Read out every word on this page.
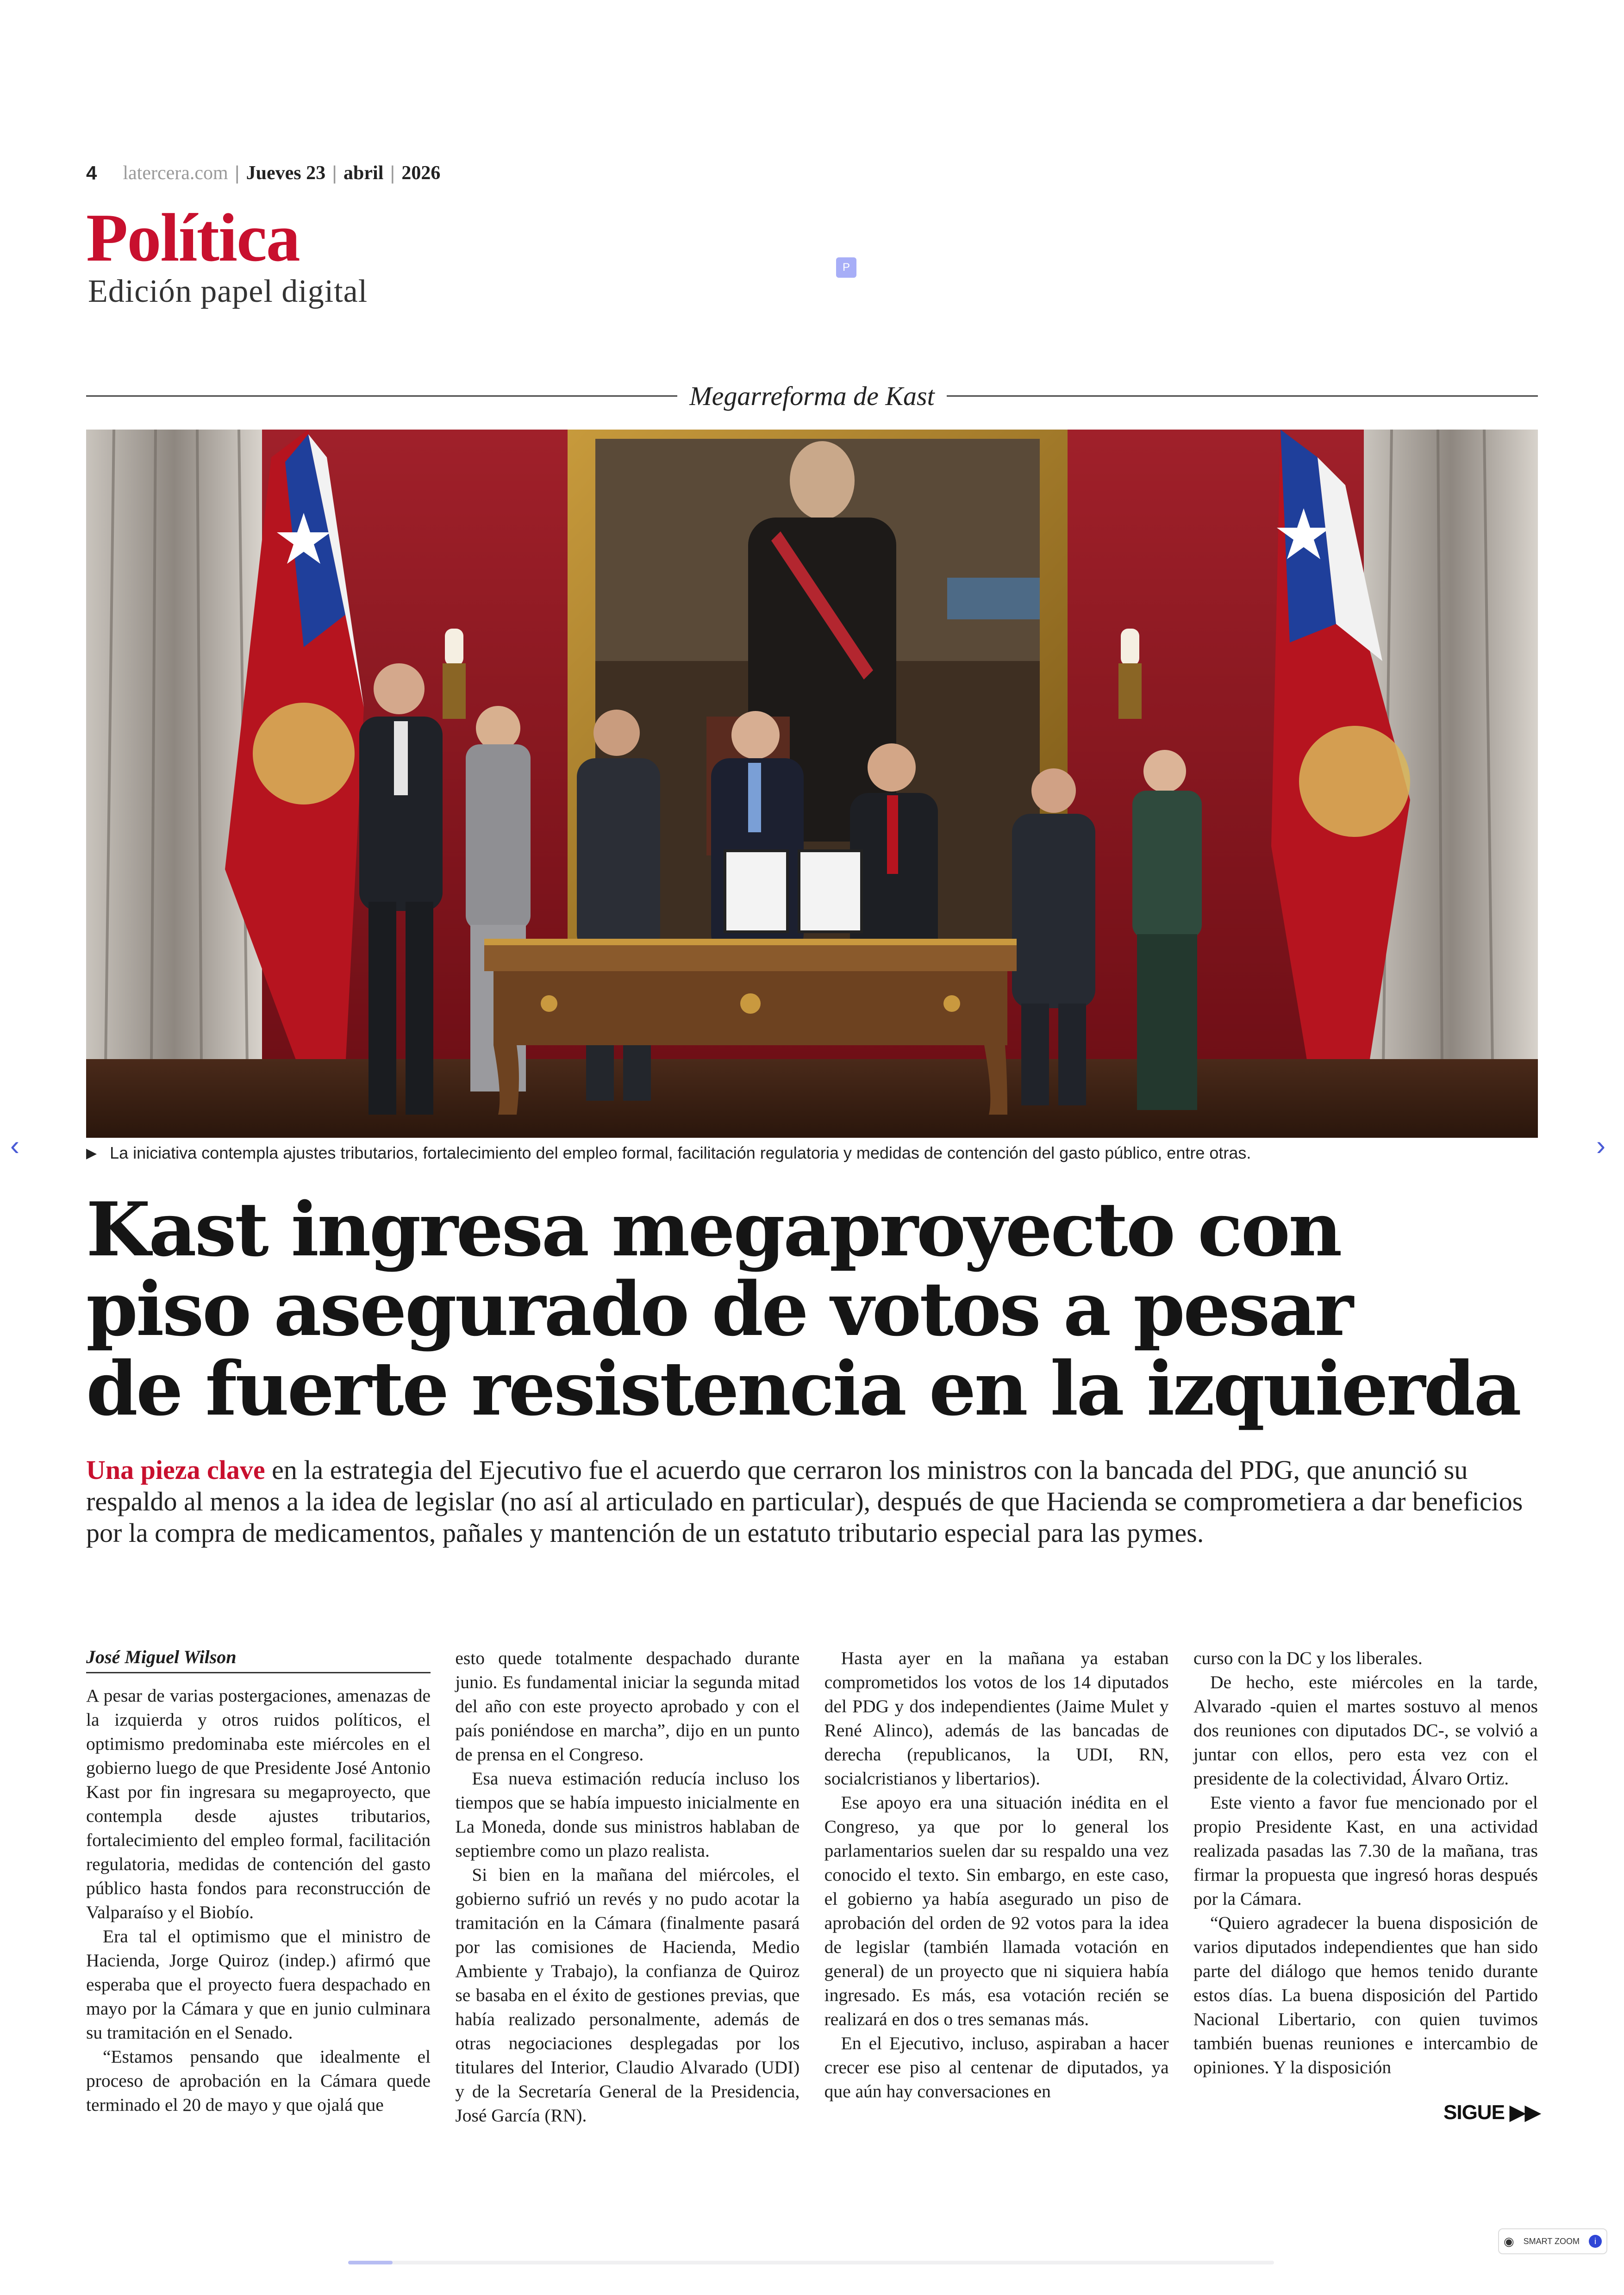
4 latercera.com | Jueves 23 | abril | 2026
Política
Edición papel digital
P
Megarreforma de Kast
▶ La iniciativa contempla ajustes tributarios, fortalecimiento del empleo formal, facilitación regulatoria y medidas de contención del gasto público, entre otras.
‹	›
Kast ingresa megaproyecto con
piso asegurado de votos a pesar
de fuerte resistencia en la izquierda
Una pieza clave en la estrategia del Ejecutivo fue el acuerdo que cerraron los ministros con la bancada del PDG, que anunció su respaldo al menos a la idea de legislar (no así al articulado en particular), después de que Hacienda se comprometiera a dar beneficios por la compra de medicamentos, pañales y mantención de un estatuto tributario especial para las pymes.
José Miguel Wilson

A pesar de varias postergaciones, amenazas de la izquierda y otros ruidos políticos, el optimismo predominaba este miércoles en el gobierno luego de que Presidente José Antonio Kast por fin ingresara su megaproyecto, que contempla desde ajustes tributarios, fortalecimiento del empleo formal, facilitación regulatoria, medidas de contención del gasto público hasta fondos para reconstrucción de Valparaíso y el Biobío.

Era tal el optimismo que el ministro de Hacienda, Jorge Quiroz (indep.) afirmó que esperaba que el proyecto fuera despachado en mayo por la Cámara y que en junio culminara su tramitación en el Senado.

“Estamos pensando que idealmente el proceso de aprobación en la Cámara quede terminado el 20 de mayo y que ojalá que

esto quede totalmente despachado durante junio. Es fundamental iniciar la segunda mitad del año con este proyecto aprobado y con el país poniéndose en marcha”, dijo en un punto de prensa en el Congreso.

Esa nueva estimación reducía incluso los tiempos que se había impuesto inicialmente en La Moneda, donde sus ministros hablaban de septiembre como un plazo realista.

Si bien en la mañana del miércoles, el gobierno sufrió un revés y no pudo acotar la tramitación en la Cámara (finalmente pasará por las comisiones de Hacienda, Medio Ambiente y Trabajo), la confianza de Quiroz se basaba en el éxito de gestiones previas, que había realizado personalmente, además de otras negociaciones desplegadas por los titulares del Interior, Claudio Alvarado (UDI) y de la Secretaría General de la Presidencia, José García (RN).

Hasta ayer en la mañana ya estaban comprometidos los votos de los 14 diputados del PDG y dos independientes (Jaime Mulet y René Alinco), además de las bancadas de derecha (republicanos, la UDI, RN, socialcristianos y libertarios).

Ese apoyo era una situación inédita en el Congreso, ya que por lo general los parlamentarios suelen dar su respaldo una vez conocido el texto. Sin embargo, en este caso, el gobierno ya había asegurado un piso de aprobación del orden de 92 votos para la idea de legislar (también llamada votación en general) de un proyecto que ni siquiera había ingresado. Es más, esa votación recién se realizará en dos o tres semanas más.

En el Ejecutivo, incluso, aspiraban a hacer crecer ese piso al centenar de diputados, ya que aún hay conversaciones en

curso con la DC y los liberales.

De hecho, este miércoles en la tarde, Alvarado -quien el martes sostuvo al menos dos reuniones con diputados DC-, se volvió a juntar con ellos, pero esta vez con el presidente de la colectividad, Álvaro Ortiz.

Este viento a favor fue mencionado por el propio Presidente Kast, en una actividad realizada pasadas las 7.30 de la mañana, tras firmar la propuesta que ingresó horas después por la Cámara.

“Quiero agradecer la buena disposición de varios diputados independientes que han sido parte del diálogo que hemos tenido durante estos días. La buena disposición del Partido Nacional Libertario, con quien tuvimos también buenas reuniones e intercambio de opiniones. Y la disposición

SIGUE ▶▶
◉ SMART ZOOM	i
